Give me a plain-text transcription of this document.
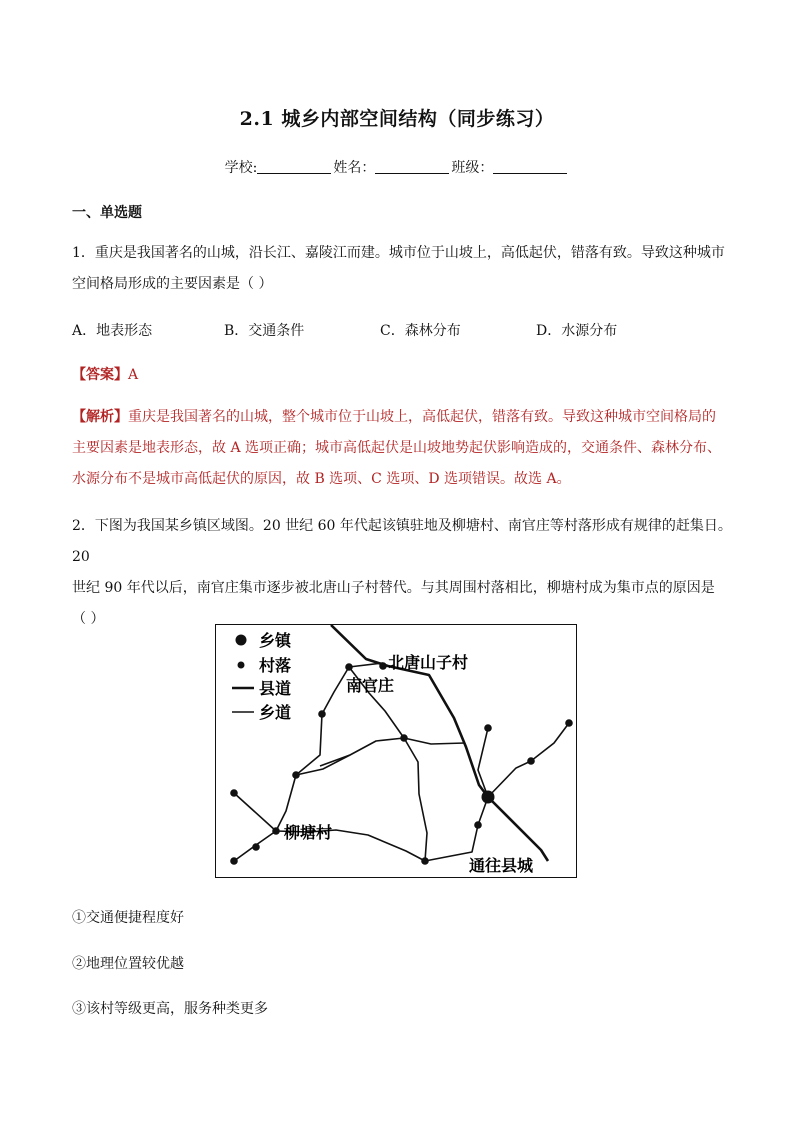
2.1 城乡内部空间结构（同步练习）
学校:	姓名：	班级：
一、单选题
1．重庆是我国著名的山城，沿长江、嘉陵江而建。城市位于山坡上，高低起伏，错落有致。导致这种城市
空间格局形成的主要因素是（ ）
A．地表形态	B．交通条件	C．森林分布	D．水源分布
【答案】A
【解析】重庆是我国著名的山城，整个城市位于山坡上，高低起伏，错落有致。导致这种城市空间格局的
主要因素是地表形态，故 A 选项正确；城市高低起伏是山坡地势起伏影响造成的，交通条件、森林分布、
水源分布不是城市高低起伏的原因，故 B 选项、C 选项、D 选项错误。故选 A。
2．下图为我国某乡镇区域图。20 世纪 60 年代起该镇驻地及柳塘村、南官庄等村落形成有规律的赶集日。20
世纪 90 年代以后，南官庄集市逐步被北唐山子村替代。与其周围村落相比，柳塘村成为集市点的原因是
（ ）
乡镇
村落
县道
乡道
北唐山子村
南官庄
柳塘村
通往县城
①交通便捷程度好
②地理位置较优越
③该村等级更高，服务种类更多
